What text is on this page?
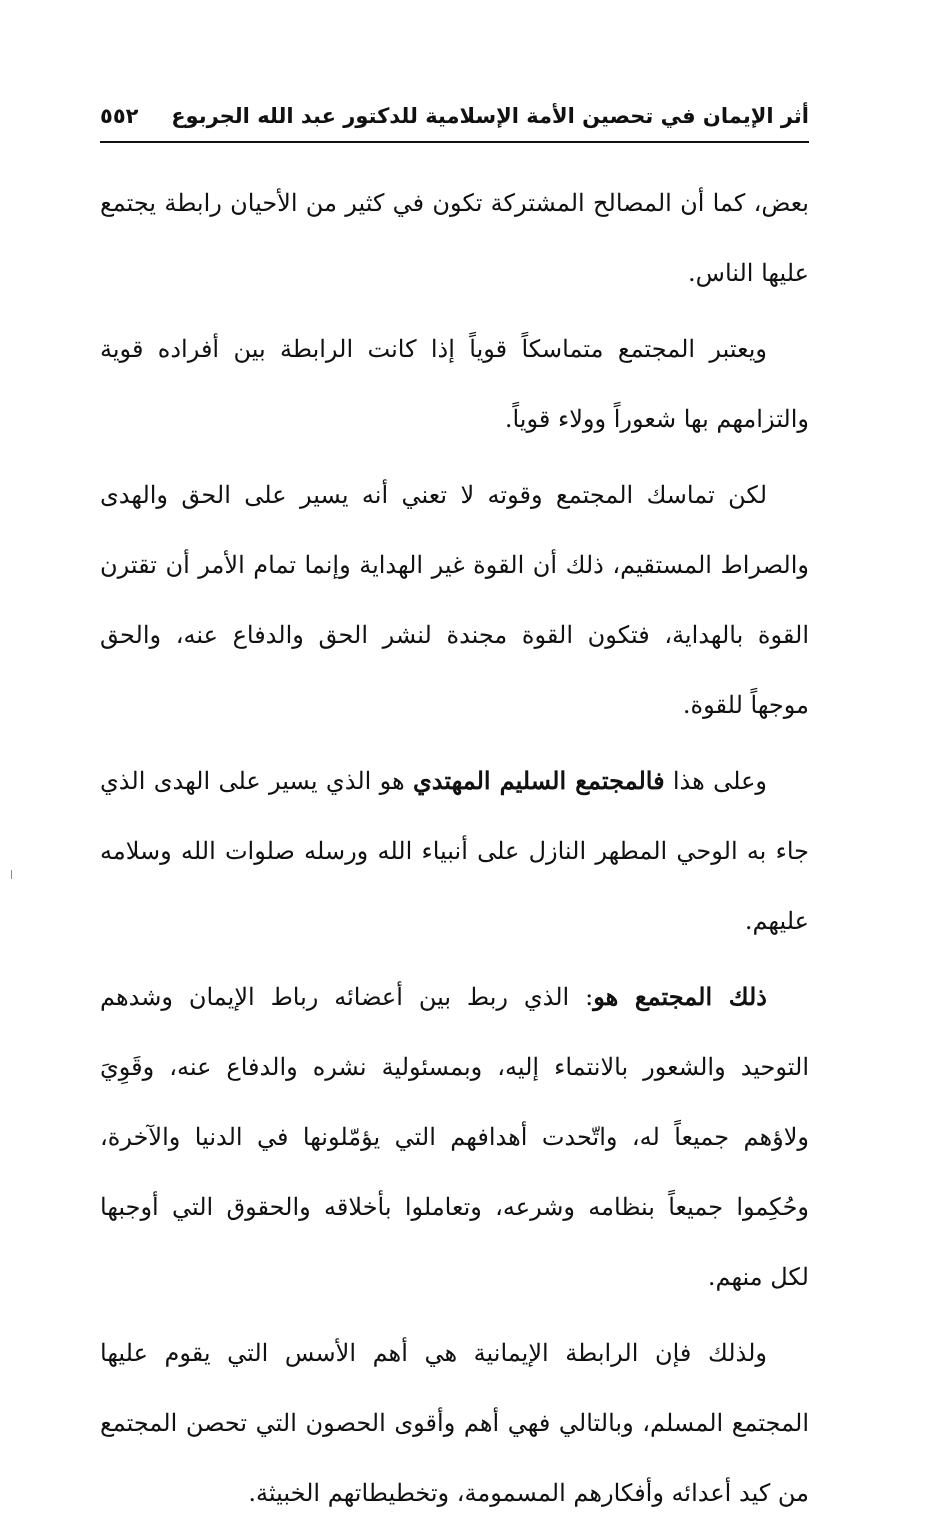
أثر الإيمان في تحصين الأمة الإسلامية للدكتور عبد الله الجربوع
٥٥٢

بعض، كما أن المصالح المشتركة تكون في كثير من الأحيان رابطة يجتمع عليها الناس.

ويعتبر المجتمع متماسكاً قوياً إذا كانت الرابطة بين أفراده قوية والتزامهم بها شعوراً وولاء قوياً.

لكن تماسك المجتمع وقوته لا تعني أنه يسير على الحق والهدى والصراط المستقيم، ذلك أن القوة غير الهداية وإنما تمام الأمر أن تقترن القوة بالهداية، فتكون القوة مجندة لنشر الحق والدفاع عنه، والحق موجهاً للقوة.

وعلى هذا فالمجتمع السليم المهتدي هو الذي يسير على الهدى الذي جاء به الوحي المطهر النازل على أنبياء الله ورسله صلوات الله وسلامه عليهم.

ذلك المجتمع هو: الذي ربط بين أعضائه رباط الإيمان وشدهم التوحيد والشعور بالانتماء إليه، وبمسئولية نشره والدفاع عنه، وقَوِيَ ولاؤهم جميعاً له، واتّحدت أهدافهم التي يؤمّلونها في الدنيا والآخرة، وحُكِموا جميعاً بنظامه وشرعه، وتعاملوا بأخلاقه والحقوق التي أوجبها لكل منهم.

ولذلك فإن الرابطة الإيمانية هي أهم الأسس التي يقوم عليها المجتمع المسلم، وبالتالي فهي أهم وأقوى الحصون التي تحصن المجتمع من كيد أعدائه وأفكارهم المسمومة، وتخطيطاتهم الخبيثة.
